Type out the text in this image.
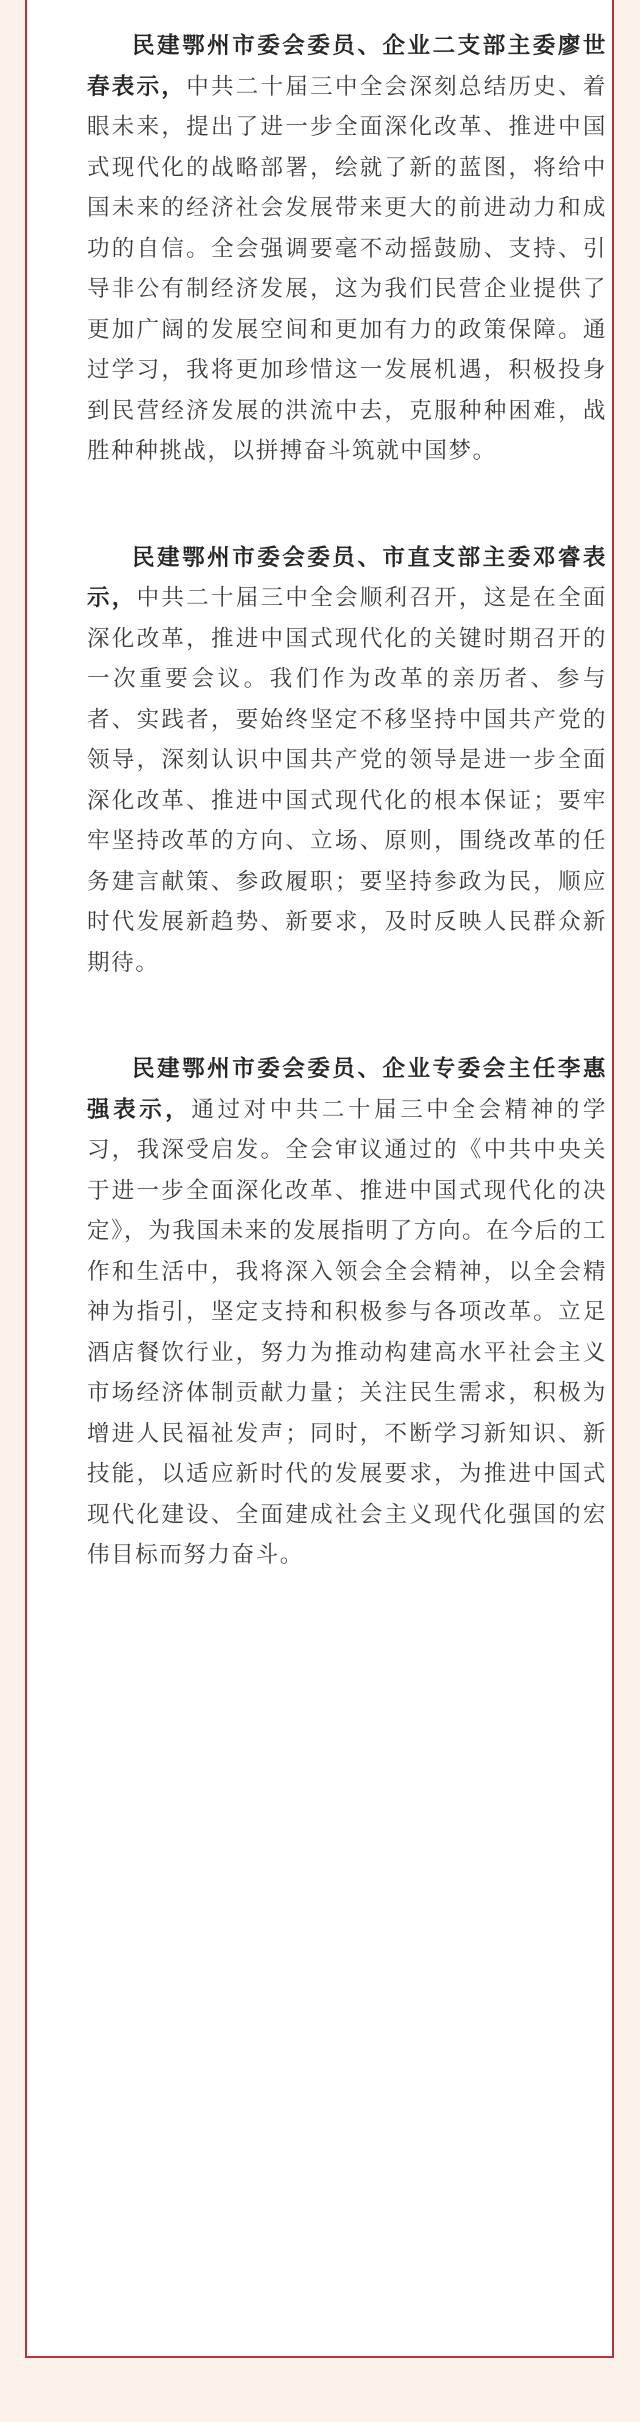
民建鄂州市委会委员、企业二支部主委廖世春表示，中共二十届三中全会深刻总结历史、着眼未来，提出了进一步全面深化改革、推进中国式现代化的战略部署，绘就了新的蓝图，将给中国未来的经济社会发展带来更大的前进动力和成功的自信。全会强调要毫不动摇鼓励、支持、引导非公有制经济发展，这为我们民营企业提供了更加广阔的发展空间和更加有力的政策保障。通过学习，我将更加珍惜这一发展机遇，积极投身到民营经济发展的洪流中去，克服种种困难，战胜种种挑战，以拼搏奋斗筑就中国梦。

民建鄂州市委会委员、市直支部主委邓睿表示，中共二十届三中全会顺利召开，这是在全面深化改革，推进中国式现代化的关键时期召开的一次重要会议。我们作为改革的亲历者、参与者、实践者，要始终坚定不移坚持中国共产党的领导，深刻认识中国共产党的领导是进一步全面深化改革、推进中国式现代化的根本保证；要牢牢坚持改革的方向、立场、原则，围绕改革的任务建言献策、参政履职；要坚持参政为民，顺应时代发展新趋势、新要求，及时反映人民群众新期待。

民建鄂州市委会委员、企业专委会主任李惠强表示，通过对中共二十届三中全会精神的学习，我深受启发。全会审议通过的《中共中央关于进一步全面深化改革、推进中国式现代化的决定》，为我国未来的发展指明了方向。在今后的工作和生活中，我将深入领会全会精神，以全会精神为指引，坚定支持和积极参与各项改革。立足酒店餐饮行业，努力为推动构建高水平社会主义市场经济体制贡献力量；关注民生需求，积极为增进人民福祉发声；同时，不断学习新知识、新技能，以适应新时代的发展要求，为推进中国式现代化建设、全面建成社会主义现代化强国的宏伟目标而努力奋斗。
